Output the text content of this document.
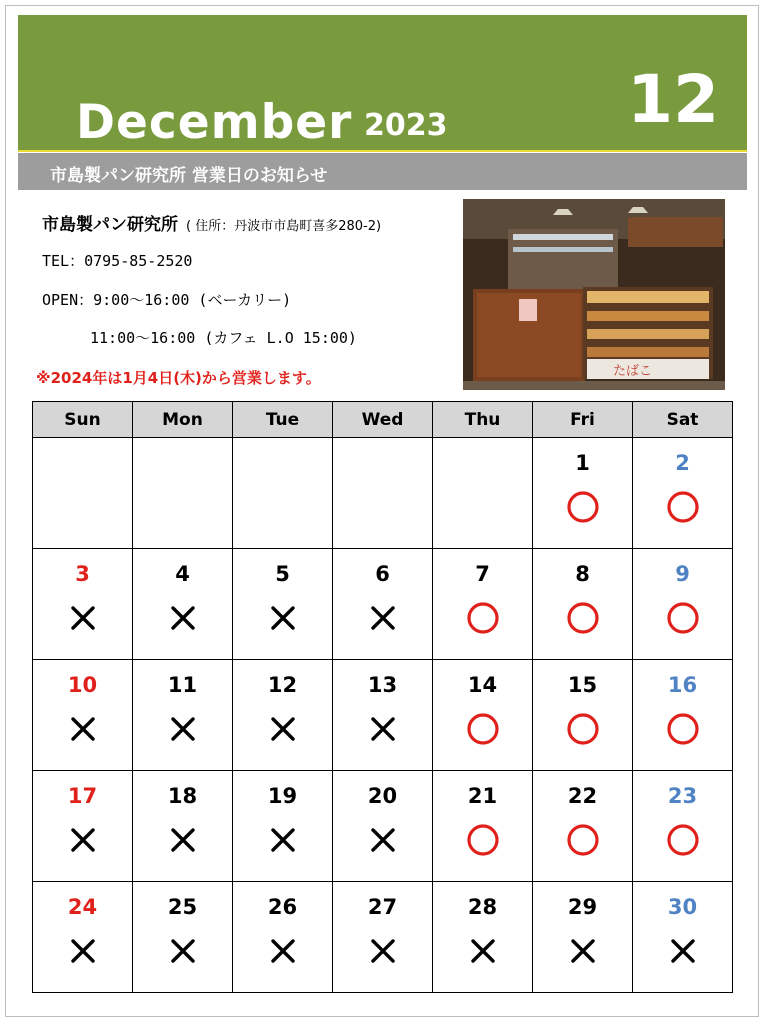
December 2023	12
市島製パン研究所 営業日のお知らせ
市島製パン研究所 ( 住所：丹波市市島町喜多280-2)
TEL：0795-85-2520
OPEN：9:00～16:00 (ベーカリー)
11:00～16:00 (カフェ L.O 15:00)
※2024年は1月4日(木)から営業します。	たばこ
Sun	Mon	Tue	Wed	Thu	Fri	Sat

					1	2

3	4	5	6	7	8	9

10	11	12	13	14	15	16

17	18	19	20	21	22	23

24	25	26	27	28	29	30
